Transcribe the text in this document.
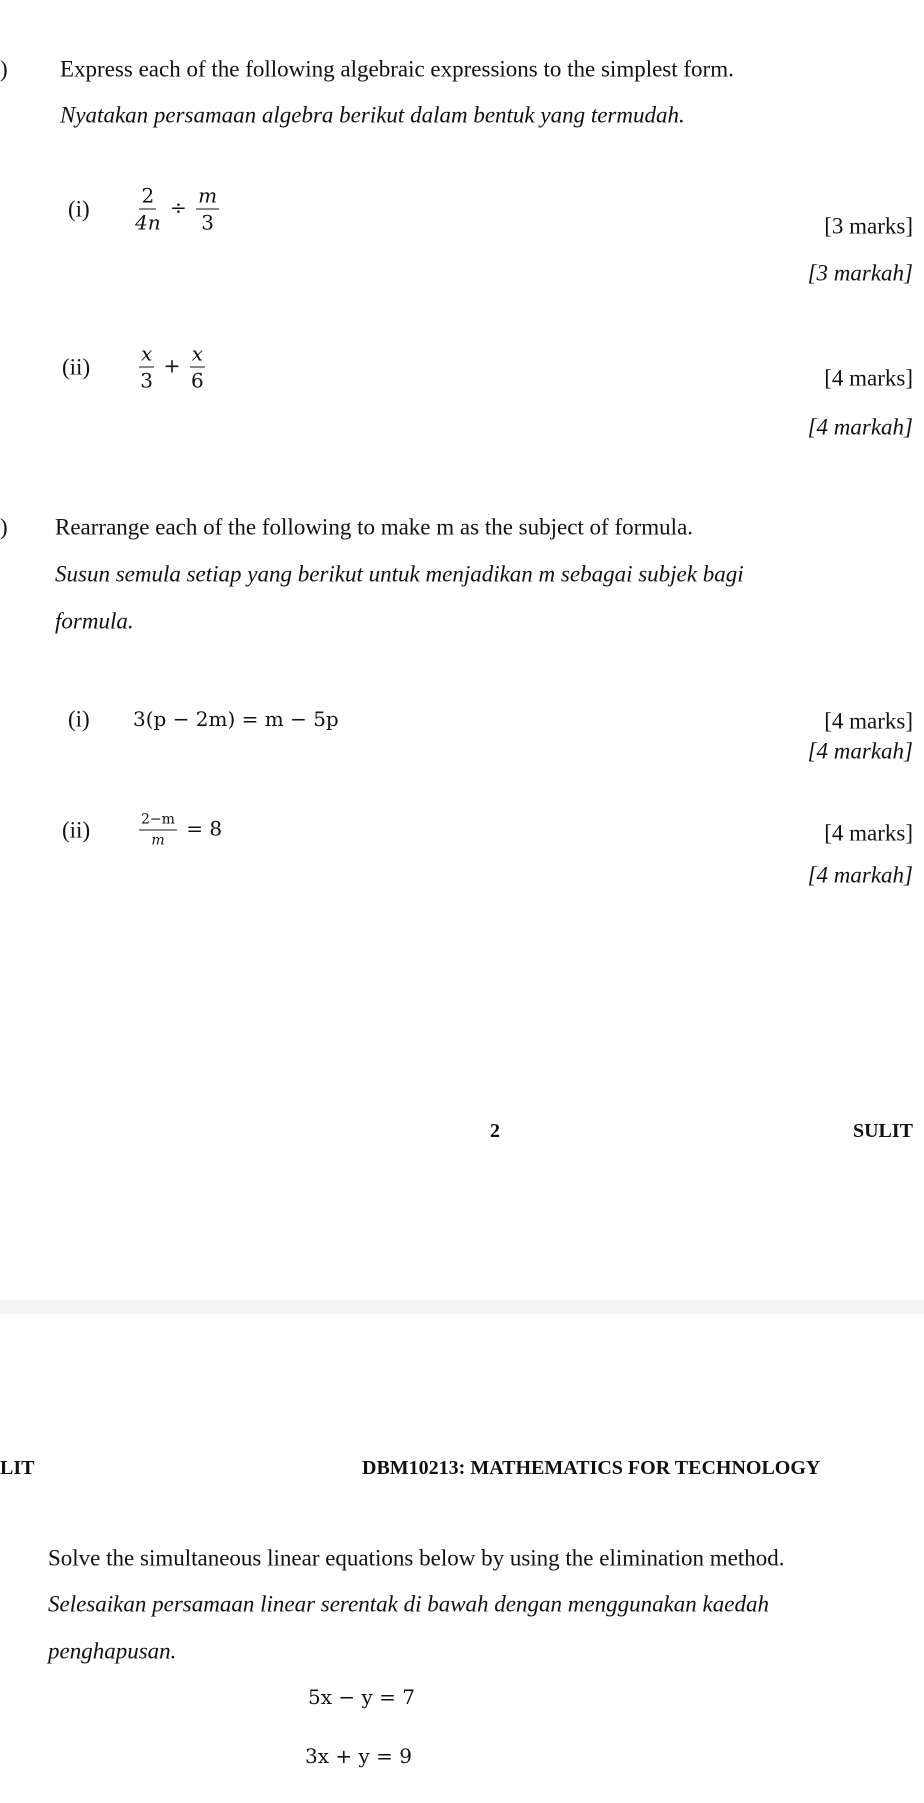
) Express each of the following algebraic expressions to the simplest form.
Nyatakan persamaan algebra berikut dalam bentuk yang termudah.
$(i) \frac{2}{4n} \div \frac{m}{3}$	[3 marks]
[3 markah]
$(ii) \frac{x}{3} + \frac{x}{6}$	[4 marks]
[4 markah]
) Rearrange each of the following to make m as the subject of formula.
Susun semula setiap yang berikut untuk menjadikan m sebagai subjek bagi
formula.
(i) 3(p − 2m) = m − 5p	[4 marks]
[4 markah]
(ii)	$\frac{2-m}{m} = 8$	[4 marks]
[4 markah]
2	SULIT
LIT	DBM10213: MATHEMATICS FOR TECHNOLOGY
Solve the simultaneous linear equations below by using the elimination method.
Selesaikan persamaan linear serentak di bawah dengan menggunakan kaedah
penghapusan.
5x − y = 7
3x + y = 9
